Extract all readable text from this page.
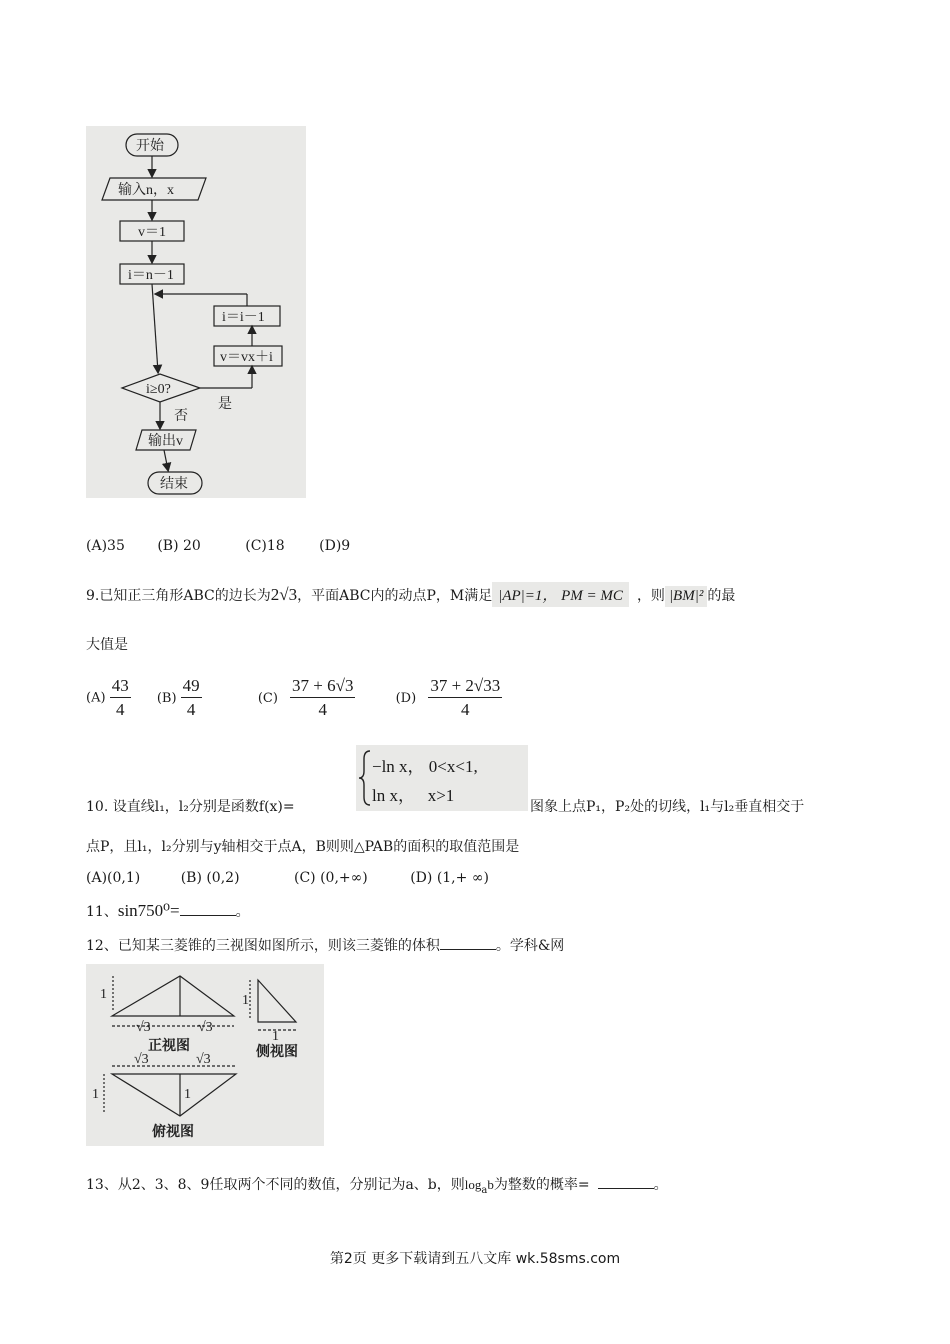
开始
输入n，x
v＝1
i＝n－1
i＝i－1
v＝vx＋i
i≥0?
是
否
输出v
结束
(A)35 (B) 20	(C)18 (D)9
9.已知正三角形ABC的边长为2√3，平面ABC内的动点P，M满足 |AP|=1， PM = MC ，则 |BM|² 的最
大值是
$(A) \frac{43}{4} (B) \frac{49}{4}$	$(C) \frac{37 + 6√3}{4}$	$(D) \frac{37 + 2√33}{4}$
−ln x， 0<x<1,
ln x，   x>1
10. 设直线l₁，l₂分别是函数f(x)=	图象上点P₁，P₂处的切线，l₁与l₂垂直相交于
点P，且l₁，l₂分别与y轴相交于点A，B则则△PAB的面积的取值范围是
(A)(0,1)	(B) (0,2)	(C) (0,+∞)	(D) (1,+ ∞)
11、sin750⁰=	。
12、已知某三菱锥的三视图如图所示，则该三菱锥的体积	。学科&网
1
√3	√3
正视图
1
1
侧视图
√3	√3
1	1
俯视图
13、从2、3、8、9任取两个不同的数值，分别记为a、b，则$\log_ab$为整数的概率=	。
第2页 更多下载请到五八文库 wk.58sms.com
